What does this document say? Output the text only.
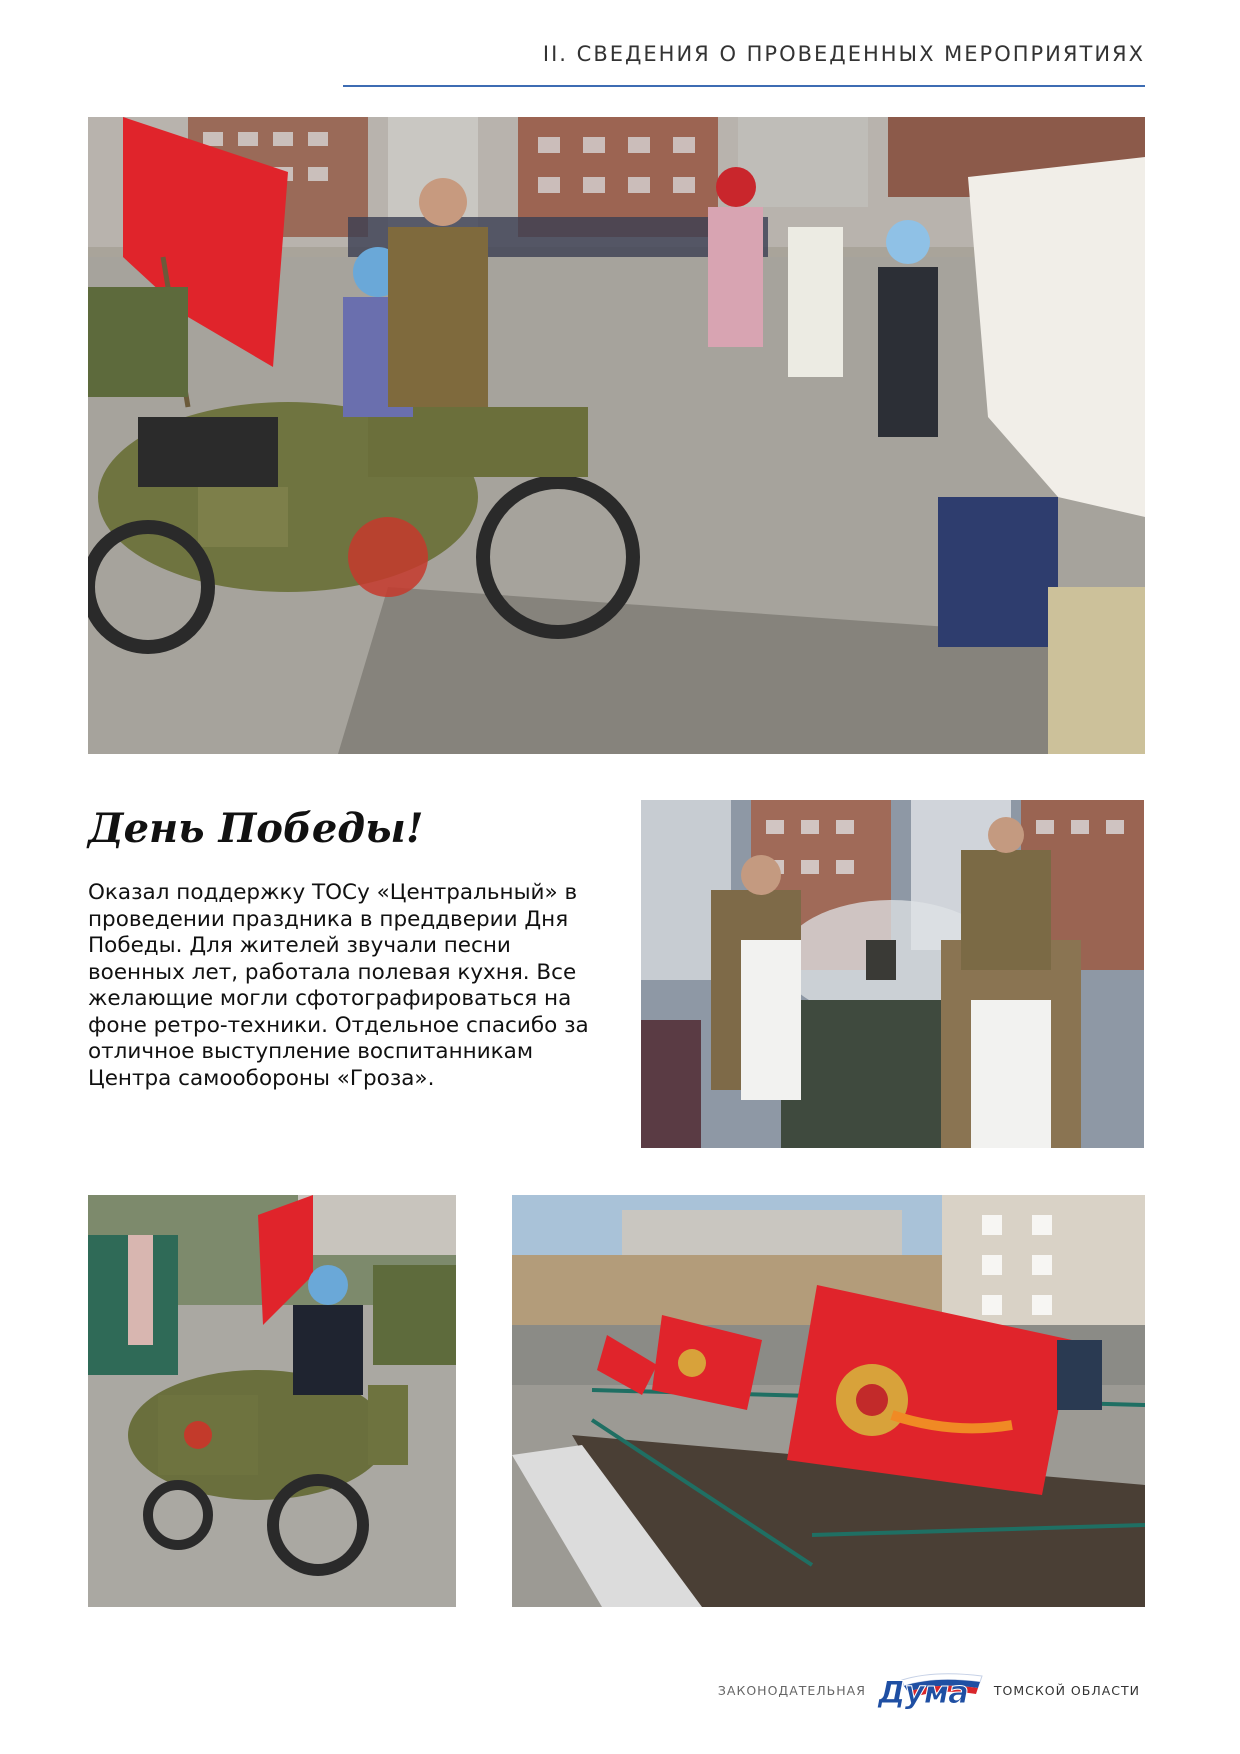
II. СВЕДЕНИЯ О ПРОВЕДЕННЫХ МЕРОПРИЯТИЯХ
День Победы!
Оказал поддержку ТОСу «Центральный» в проведении праздника в преддверии Дня Победы. Для жителей звучали песни военных лет, работала полевая кухня. Все желающие могли сфотографироваться на фоне ретро-техники. Отдельное спасибо за отличное выступление воспитанникам Центра самообороны «Гроза».
ЗАКОНОДАТЕЛЬНАЯ Дума ТОМСКОЙ ОБЛАСТИ
